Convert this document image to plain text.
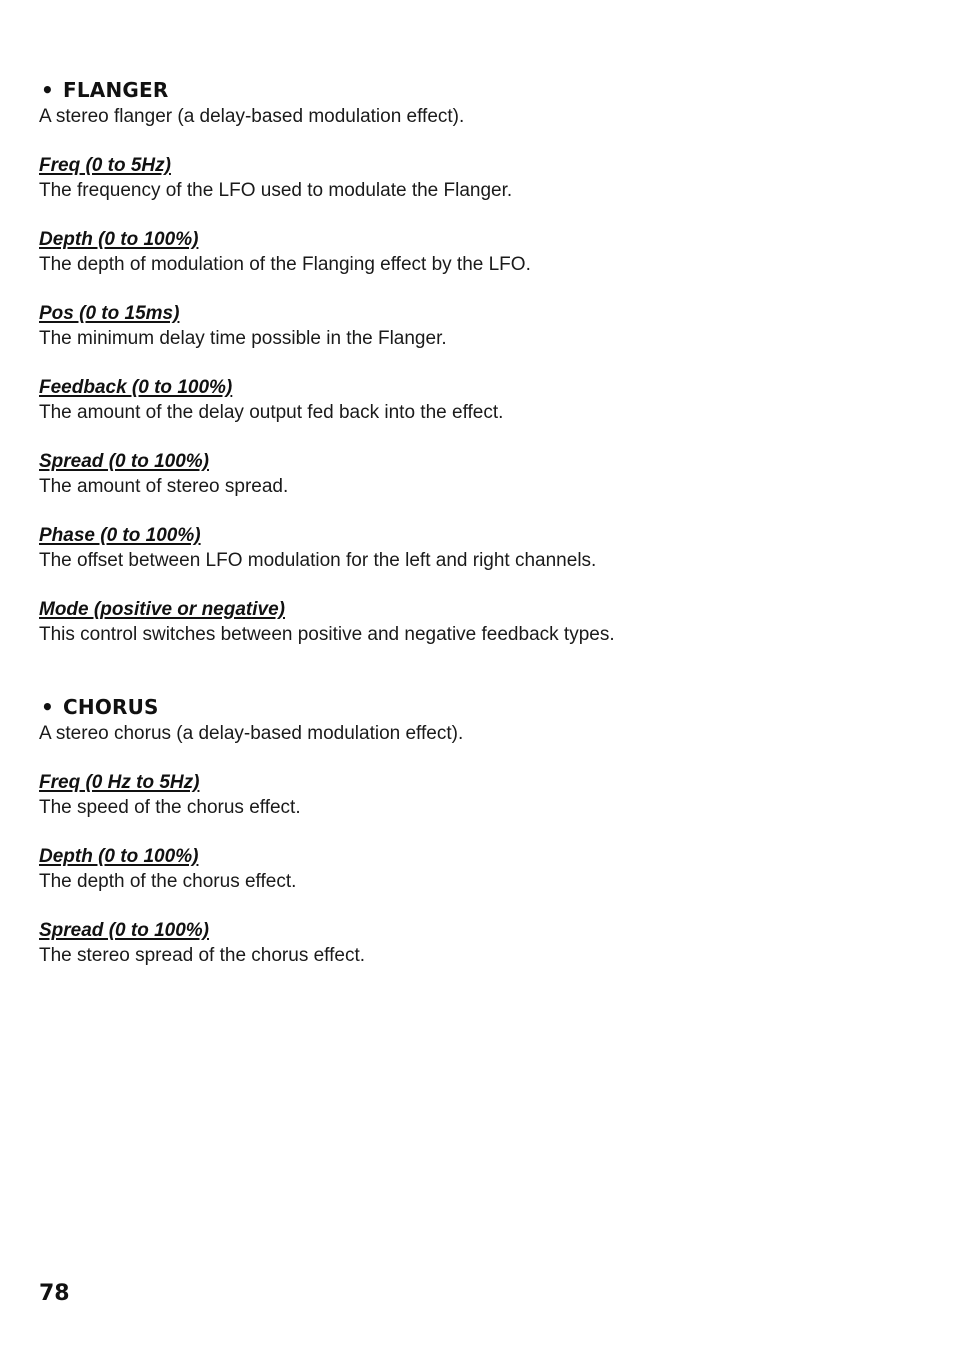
• FLANGER
A stereo flanger (a delay-based modulation effect).
Freq (0 to 5Hz)
The frequency of the LFO used to modulate the Flanger.
Depth (0 to 100%)
The depth of modulation of the Flanging effect by the LFO.
Pos (0 to 15ms)
The minimum delay time possible in the Flanger.
Feedback (0 to 100%)
The amount of the delay output fed back into the effect.
Spread (0 to 100%)
The amount of stereo spread.
Phase (0 to 100%)
The offset between LFO modulation for the left and right channels.
Mode (positive or negative)
This control switches between positive and negative feedback types.
• CHORUS
A stereo chorus (a delay-based modulation effect).
Freq (0 Hz to 5Hz)
The speed of the chorus effect.
Depth (0 to 100%)
The depth of the chorus effect.
Spread (0 to 100%)
The stereo spread of the chorus effect.
78
